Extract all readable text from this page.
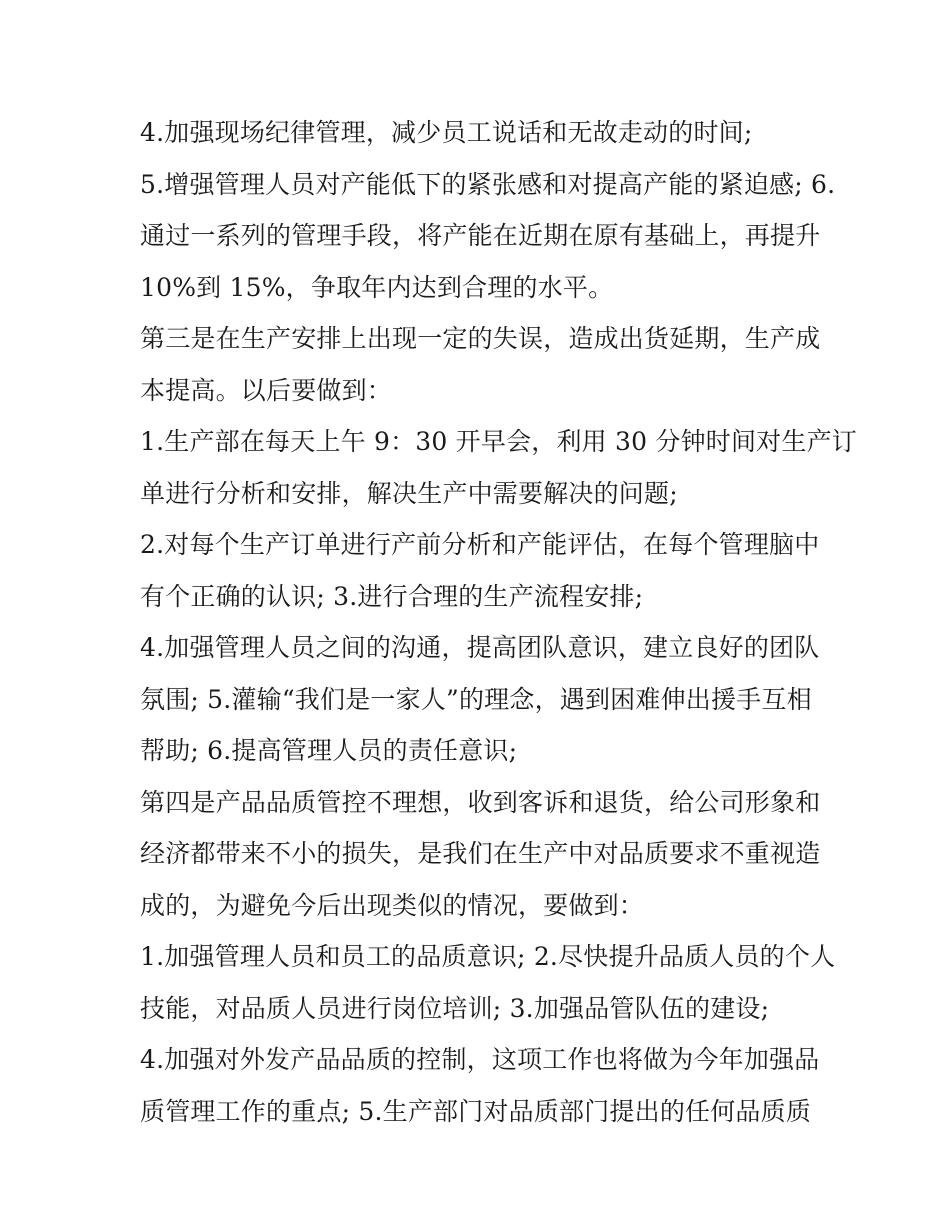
4.加强现场纪律管理，减少员工说话和无故走动的时间;
5.增强管理人员对产能低下的紧张感和对提高产能的紧迫感; 6.
通过一系列的管理手段，将产能在近期在原有基础上，再提升
10%到 15%，争取年内达到合理的水平。
第三是在生产安排上出现一定的失误，造成出货延期，生产成
本提高。以后要做到：
1.生产部在每天上午 9：30 开早会，利用 30 分钟时间对生产订
单进行分析和安排，解决生产中需要解决的问题;
2.对每个生产订单进行产前分析和产能评估，在每个管理脑中
有个正确的认识; 3.进行合理的生产流程安排;
4.加强管理人员之间的沟通，提高团队意识，建立良好的团队
氛围; 5.灌输“我们是一家人”的理念，遇到困难伸出援手互相
帮助; 6.提高管理人员的责任意识;
第四是产品品质管控不理想，收到客诉和退货，给公司形象和
经济都带来不小的损失，是我们在生产中对品质要求不重视造
成的，为避免今后出现类似的情况，要做到：
1.加强管理人员和员工的品质意识; 2.尽快提升品质人员的个人
技能，对品质人员进行岗位培训; 3.加强品管队伍的建设;
4.加强对外发产品品质的控制，这项工作也将做为今年加强品
质管理工作的重点; 5.生产部门对品质部门提出的任何品质质
